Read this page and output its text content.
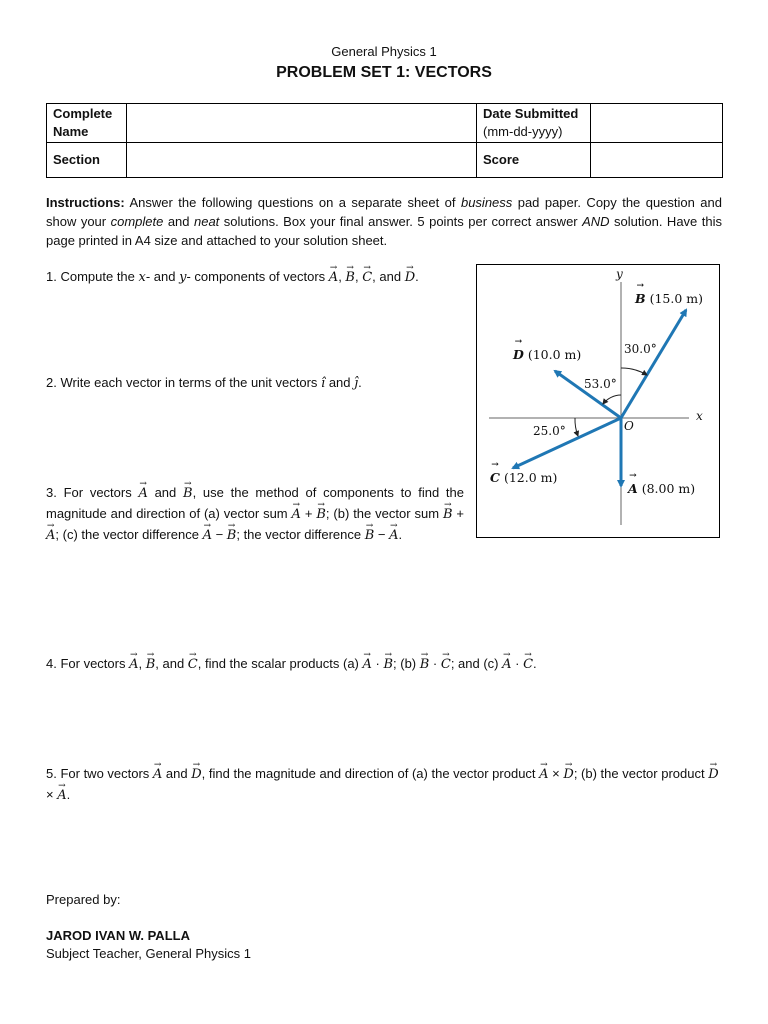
General Physics 1
PROBLEM SET 1: VECTORS
Complete
Name		Date Submitted
(mm-dd-yyyy)	
Section		Score	
Instructions: Answer the following questions on a separate sheet of business pad paper. Copy the question and show your complete and neat solutions. Box your final answer. 5 points per correct answer AND solution. Have this page printed in A4 size and attached to your solution sheet.
1. Compute the x- and y- components of vectors → A, → B, → C, and → D.
2. Write each vector in terms of the unit vectors î and ĵ.
3. For vectors → A and → B, use the method of components to find the magnitude and direction of (a) vector sum → A + → B; (b) the vector sum → B + → A; (c) the vector difference → A − → B; the vector difference → B − → A.
4. For vectors → A, → B, and → C, find the scalar products (a) → A · → B; (b) → B · → C; and (c) → A · → C.
5. For two vectors → A and → D, find the magnitude and direction of (a) the vector product → A × → D; (b) the vector product → D × → A.
y
x
O
→ B (15.0 m)
→ D (10.0 m)
→ C (12.0 m)
→ A (8.00 m)
30.0°
53.0°
25.0°
Prepared by:
JAROD IVAN W. PALLA
Subject Teacher, General Physics 1
